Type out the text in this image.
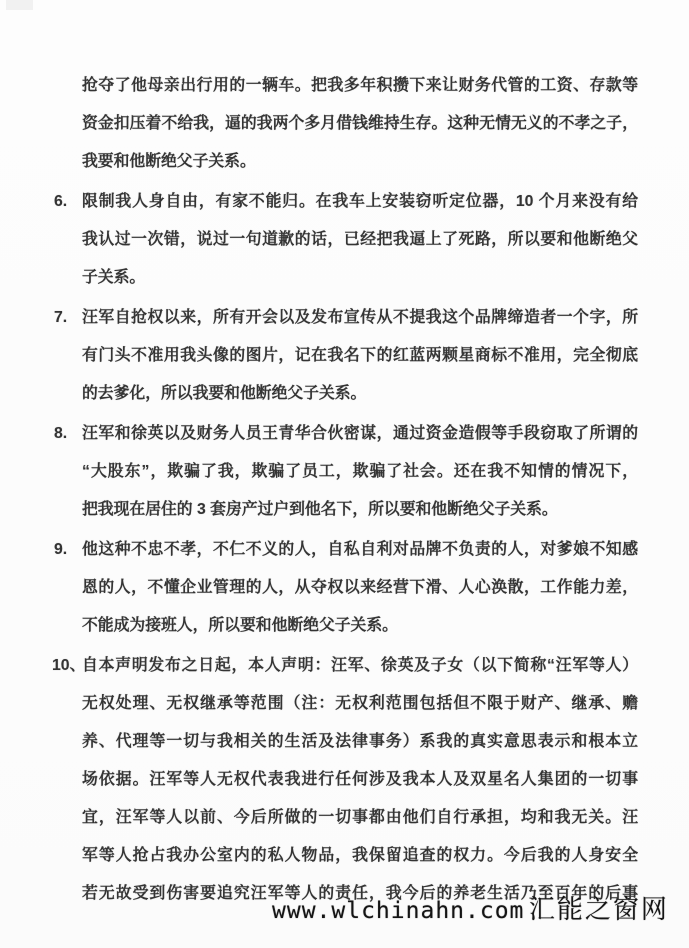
抢夺了他母亲出行用的一辆车。把我多年积攒下来让财务代管的工资、存款等
资金扣压着不给我，逼的我两个多月借钱维持生存。这种无情无义的不孝之子，
我要和他断绝父子关系。
6. 限制我人身自由，有家不能归。在我车上安装窃听定位器，10 个月来没有给
我认过一次错，说过一句道歉的话，已经把我逼上了死路，所以要和他断绝父
子关系。
7. 汪军自抢权以来，所有开会以及发布宣传从不提我这个品牌缔造者一个字，所
有门头不准用我头像的图片，记在我名下的红蓝两颗星商标不准用，完全彻底
的去爹化，所以我要和他断绝父子关系。
8. 汪军和徐英以及财务人员王青华合伙密谋，通过资金造假等手段窃取了所谓的
“大股东”，欺骗了我，欺骗了员工，欺骗了社会。还在我不知情的情况下，
把我现在居住的 3 套房产过户到他名下，所以要和他断绝父子关系。
9. 他这种不忠不孝，不仁不义的人，自私自利对品牌不负责的人，对爹娘不知感
恩的人，不懂企业管理的人，从夺权以来经营下滑、人心涣散，工作能力差，
不能成为接班人，所以要和他断绝父子关系。
10、
自本声明发布之日起，本人声明：汪军、徐英及子女（以下简称“汪军等人）
无权处理、无权继承等范围（注：无权利范围包括但不限于财产、继承、赡
养、代理等一切与我相关的生活及法律事务）系我的真实意思表示和根本立
场依据。汪军等人无权代表我进行任何涉及我本人及双星名人集团的一切事
宜，汪军等人以前、今后所做的一切事都由他们自行承担，均和我无关。汪
军等人抢占我办公室内的私人物品，我保留追查的权力。今后我的人身安全
若无故受到伤害要追究汪军等人的责任，我今后的养老生活乃至百年的后事
www.wlchinahn.com 汇能之窗网
